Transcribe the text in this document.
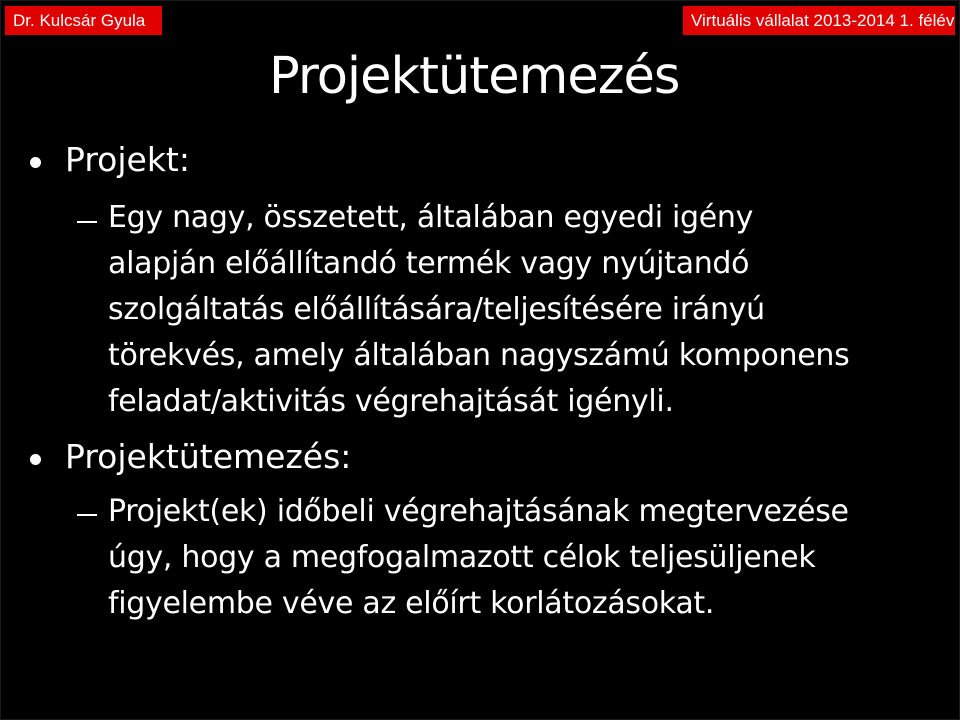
Dr. Kulcsár Gyula	Virtuális vállalat 2013-2014 1. félév
Projektütemezés
Projekt:
Egy nagy, összetett, általában egyedi igény
alapján előállítandó termék vagy nyújtandó
szolgáltatás előállítására/teljesítésére irányú
törekvés, amely általában nagyszámú komponens
feladat/aktivitás végrehajtását igényli.
Projektütemezés:
Projekt(ek) időbeli végrehajtásának megtervezése
úgy, hogy a megfogalmazott célok teljesüljenek
figyelembe véve az előírt korlátozásokat.
